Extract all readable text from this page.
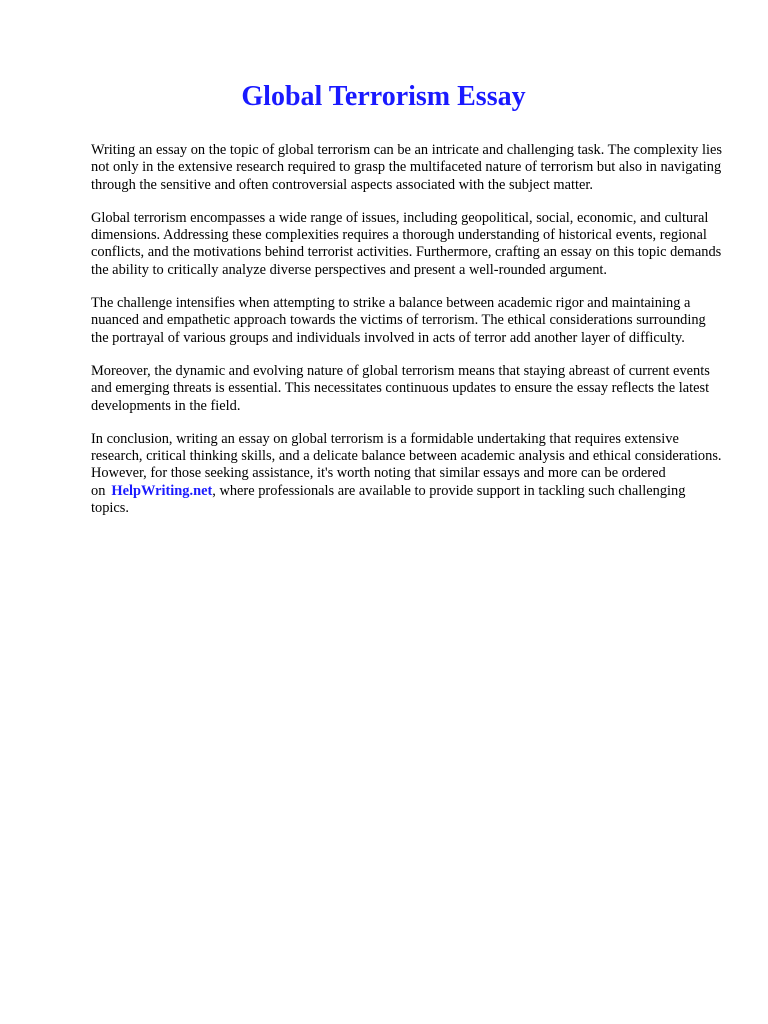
Global Terrorism Essay

Writing an essay on the topic of global terrorism can be an intricate and challenging task. The complexity lies not only in the extensive research required to grasp the multifaceted nature of terrorism but also in navigating through the sensitive and often controversial aspects associated with the subject matter.

Global terrorism encompasses a wide range of issues, including geopolitical, social, economic, and cultural dimensions. Addressing these complexities requires a thorough understanding of historical events, regional conflicts, and the motivations behind terrorist activities. Furthermore, crafting an essay on this topic demands the ability to critically analyze diverse perspectives and present a well-rounded argument.

The challenge intensifies when attempting to strike a balance between academic rigor and maintaining a nuanced and empathetic approach towards the victims of terrorism. The ethical considerations surrounding the portrayal of various groups and individuals involved in acts of terror add another layer of difficulty.

Moreover, the dynamic and evolving nature of global terrorism means that staying abreast of current events and emerging threats is essential. This necessitates continuous updates to ensure the essay reflects the latest developments in the field.

In conclusion, writing an essay on global terrorism is a formidable undertaking that requires extensive research, critical thinking skills, and a delicate balance between academic analysis and ethical considerations. However, for those seeking assistance, it's worth noting that similar essays and more can be ordered on HelpWriting.net, where professionals are available to provide support in tackling such challenging topics.
